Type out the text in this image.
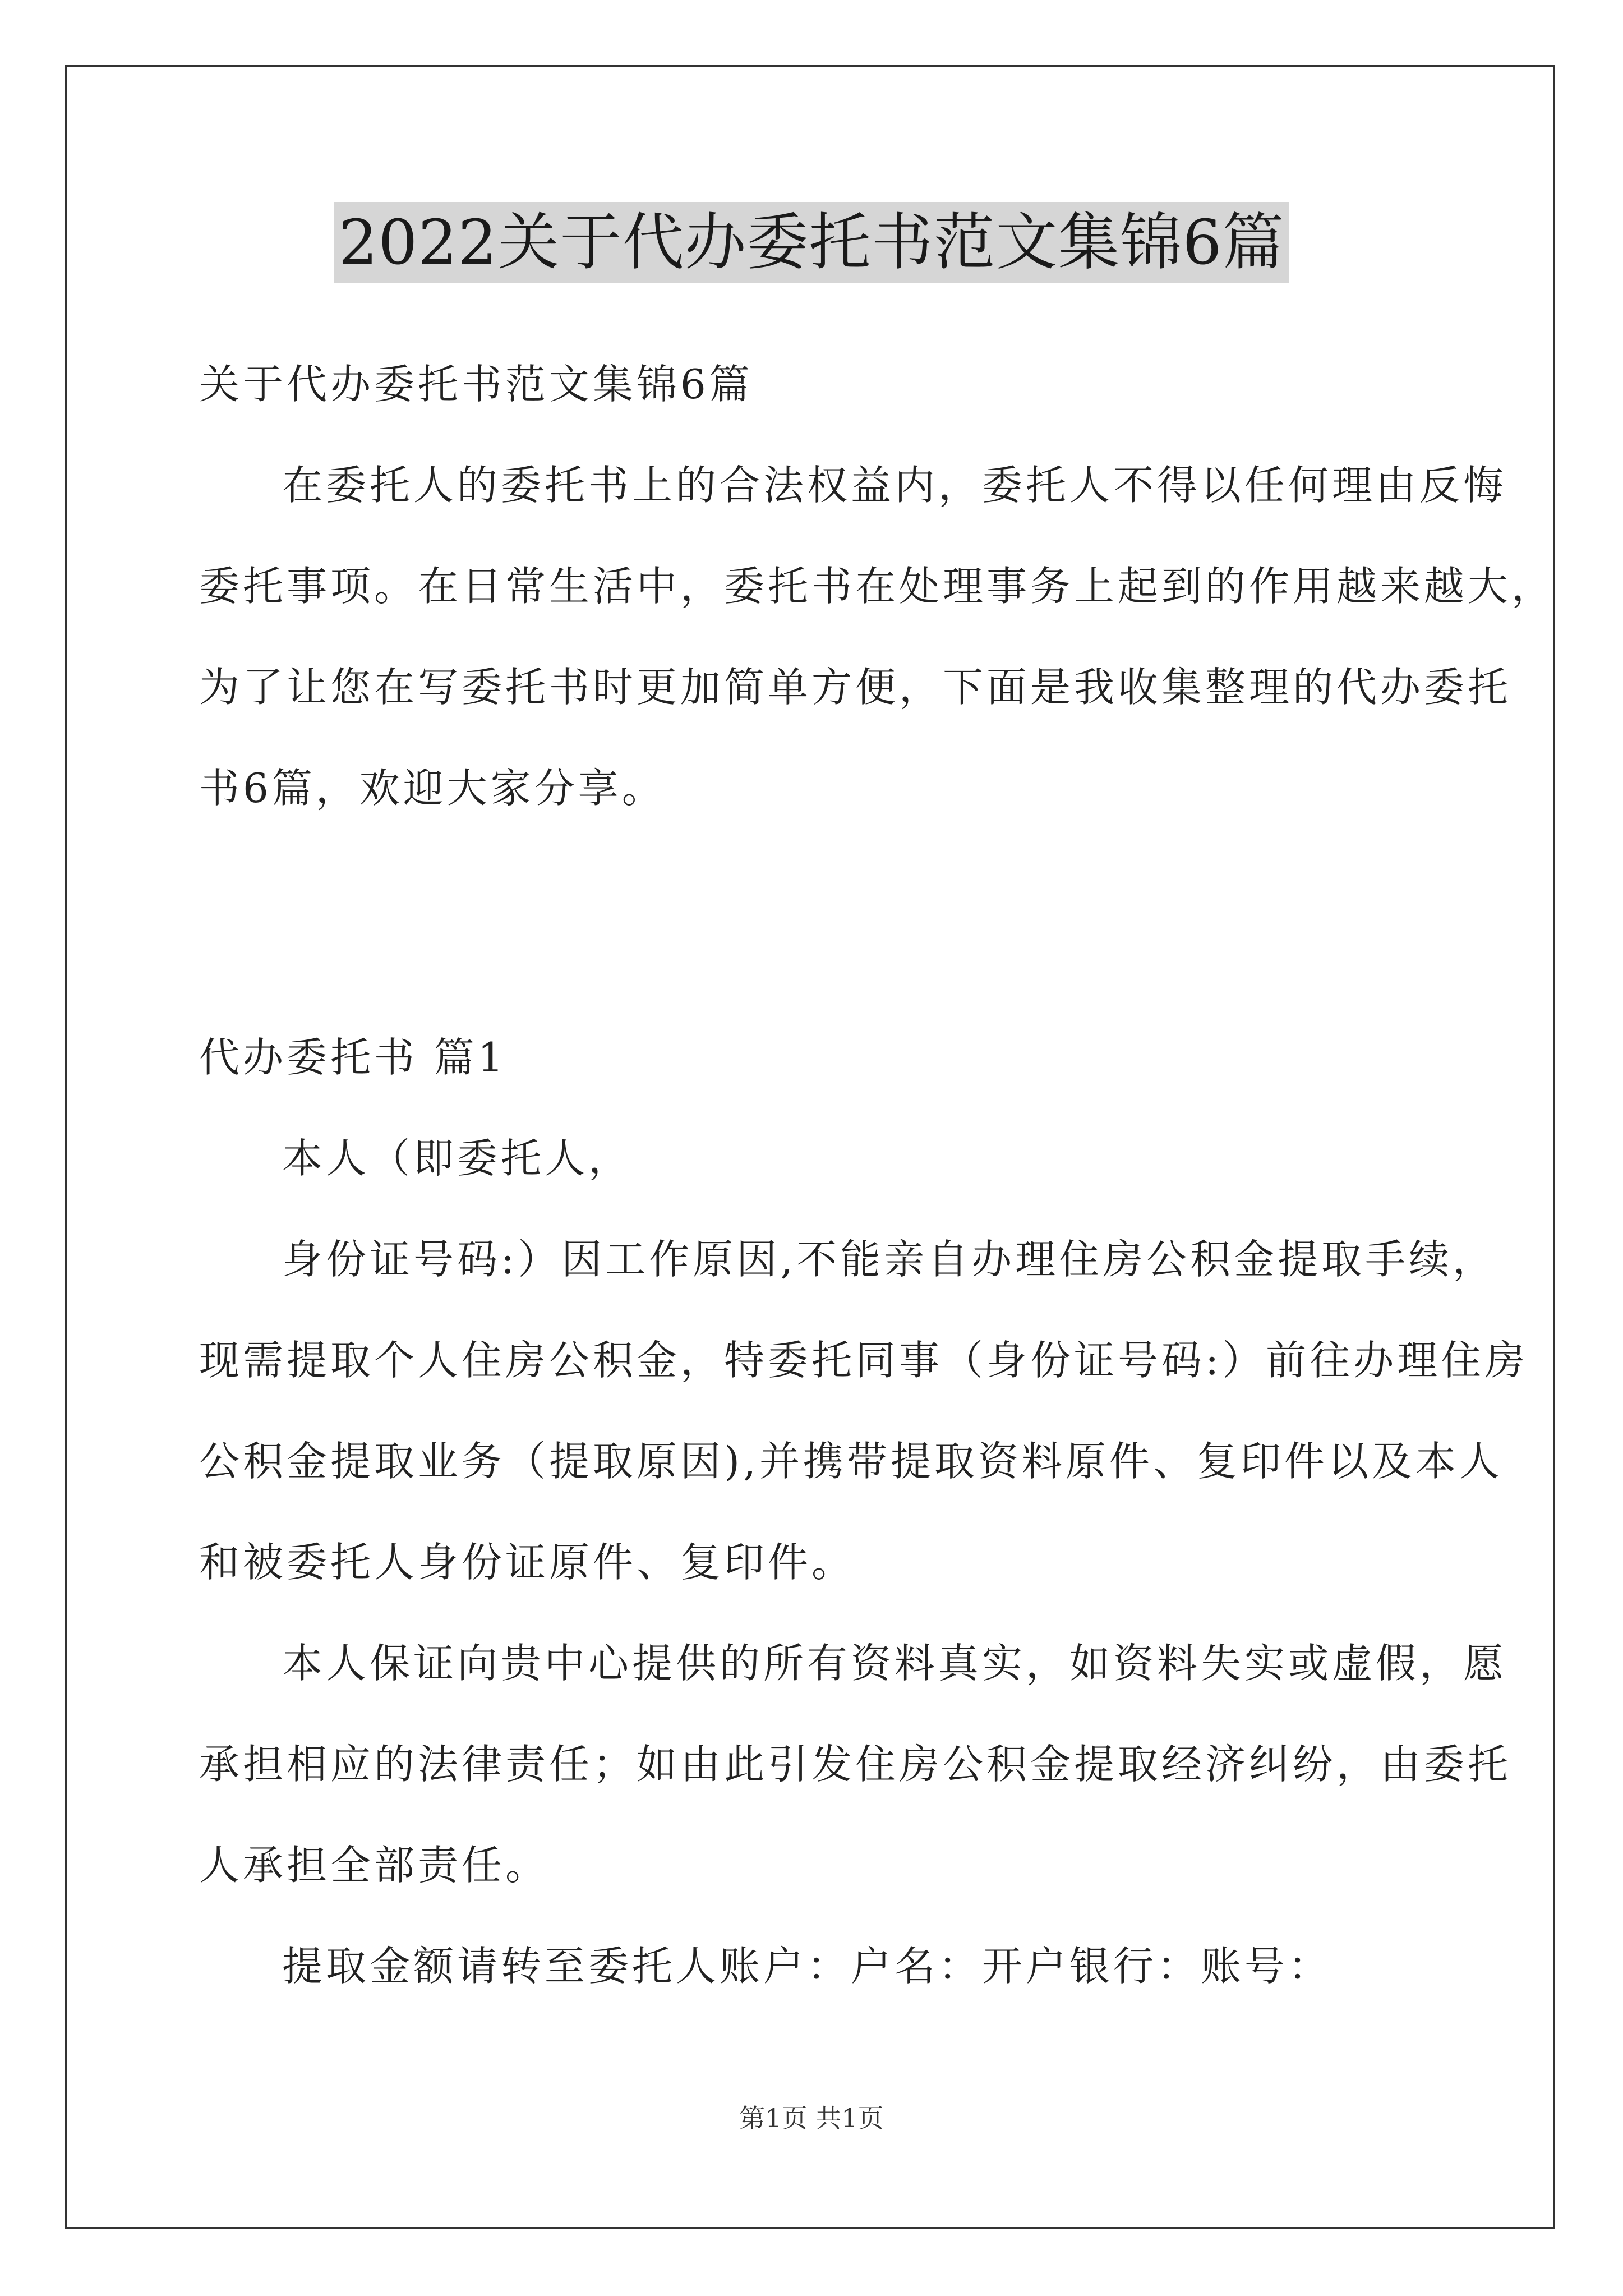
2022关于代办委托书范文集锦6篇

关于代办委托书范文集锦6篇

在委托人的委托书上的合法权益内，委托人不得以任何理由反悔
委托事项。在日常生活中，委托书在处理事务上起到的作用越来越大，
为了让您在写委托书时更加简单方便，下面是我收集整理的代办委托
书6篇，欢迎大家分享。

代办委托书 篇1

本人（即委托人，
身份证号码:）因工作原因,不能亲自办理住房公积金提取手续，
现需提取个人住房公积金，特委托同事（身份证号码:）前往办理住房
公积金提取业务（提取原因),并携带提取资料原件、复印件以及本人
和被委托人身份证原件、复印件。
本人保证向贵中心提供的所有资料真实，如资料失实或虚假，愿
承担相应的法律责任；如由此引发住房公积金提取经济纠纷，由委托
人承担全部责任。
提取金额请转至委托人账户：户名：开户银行：账号：
第1页 共1页
